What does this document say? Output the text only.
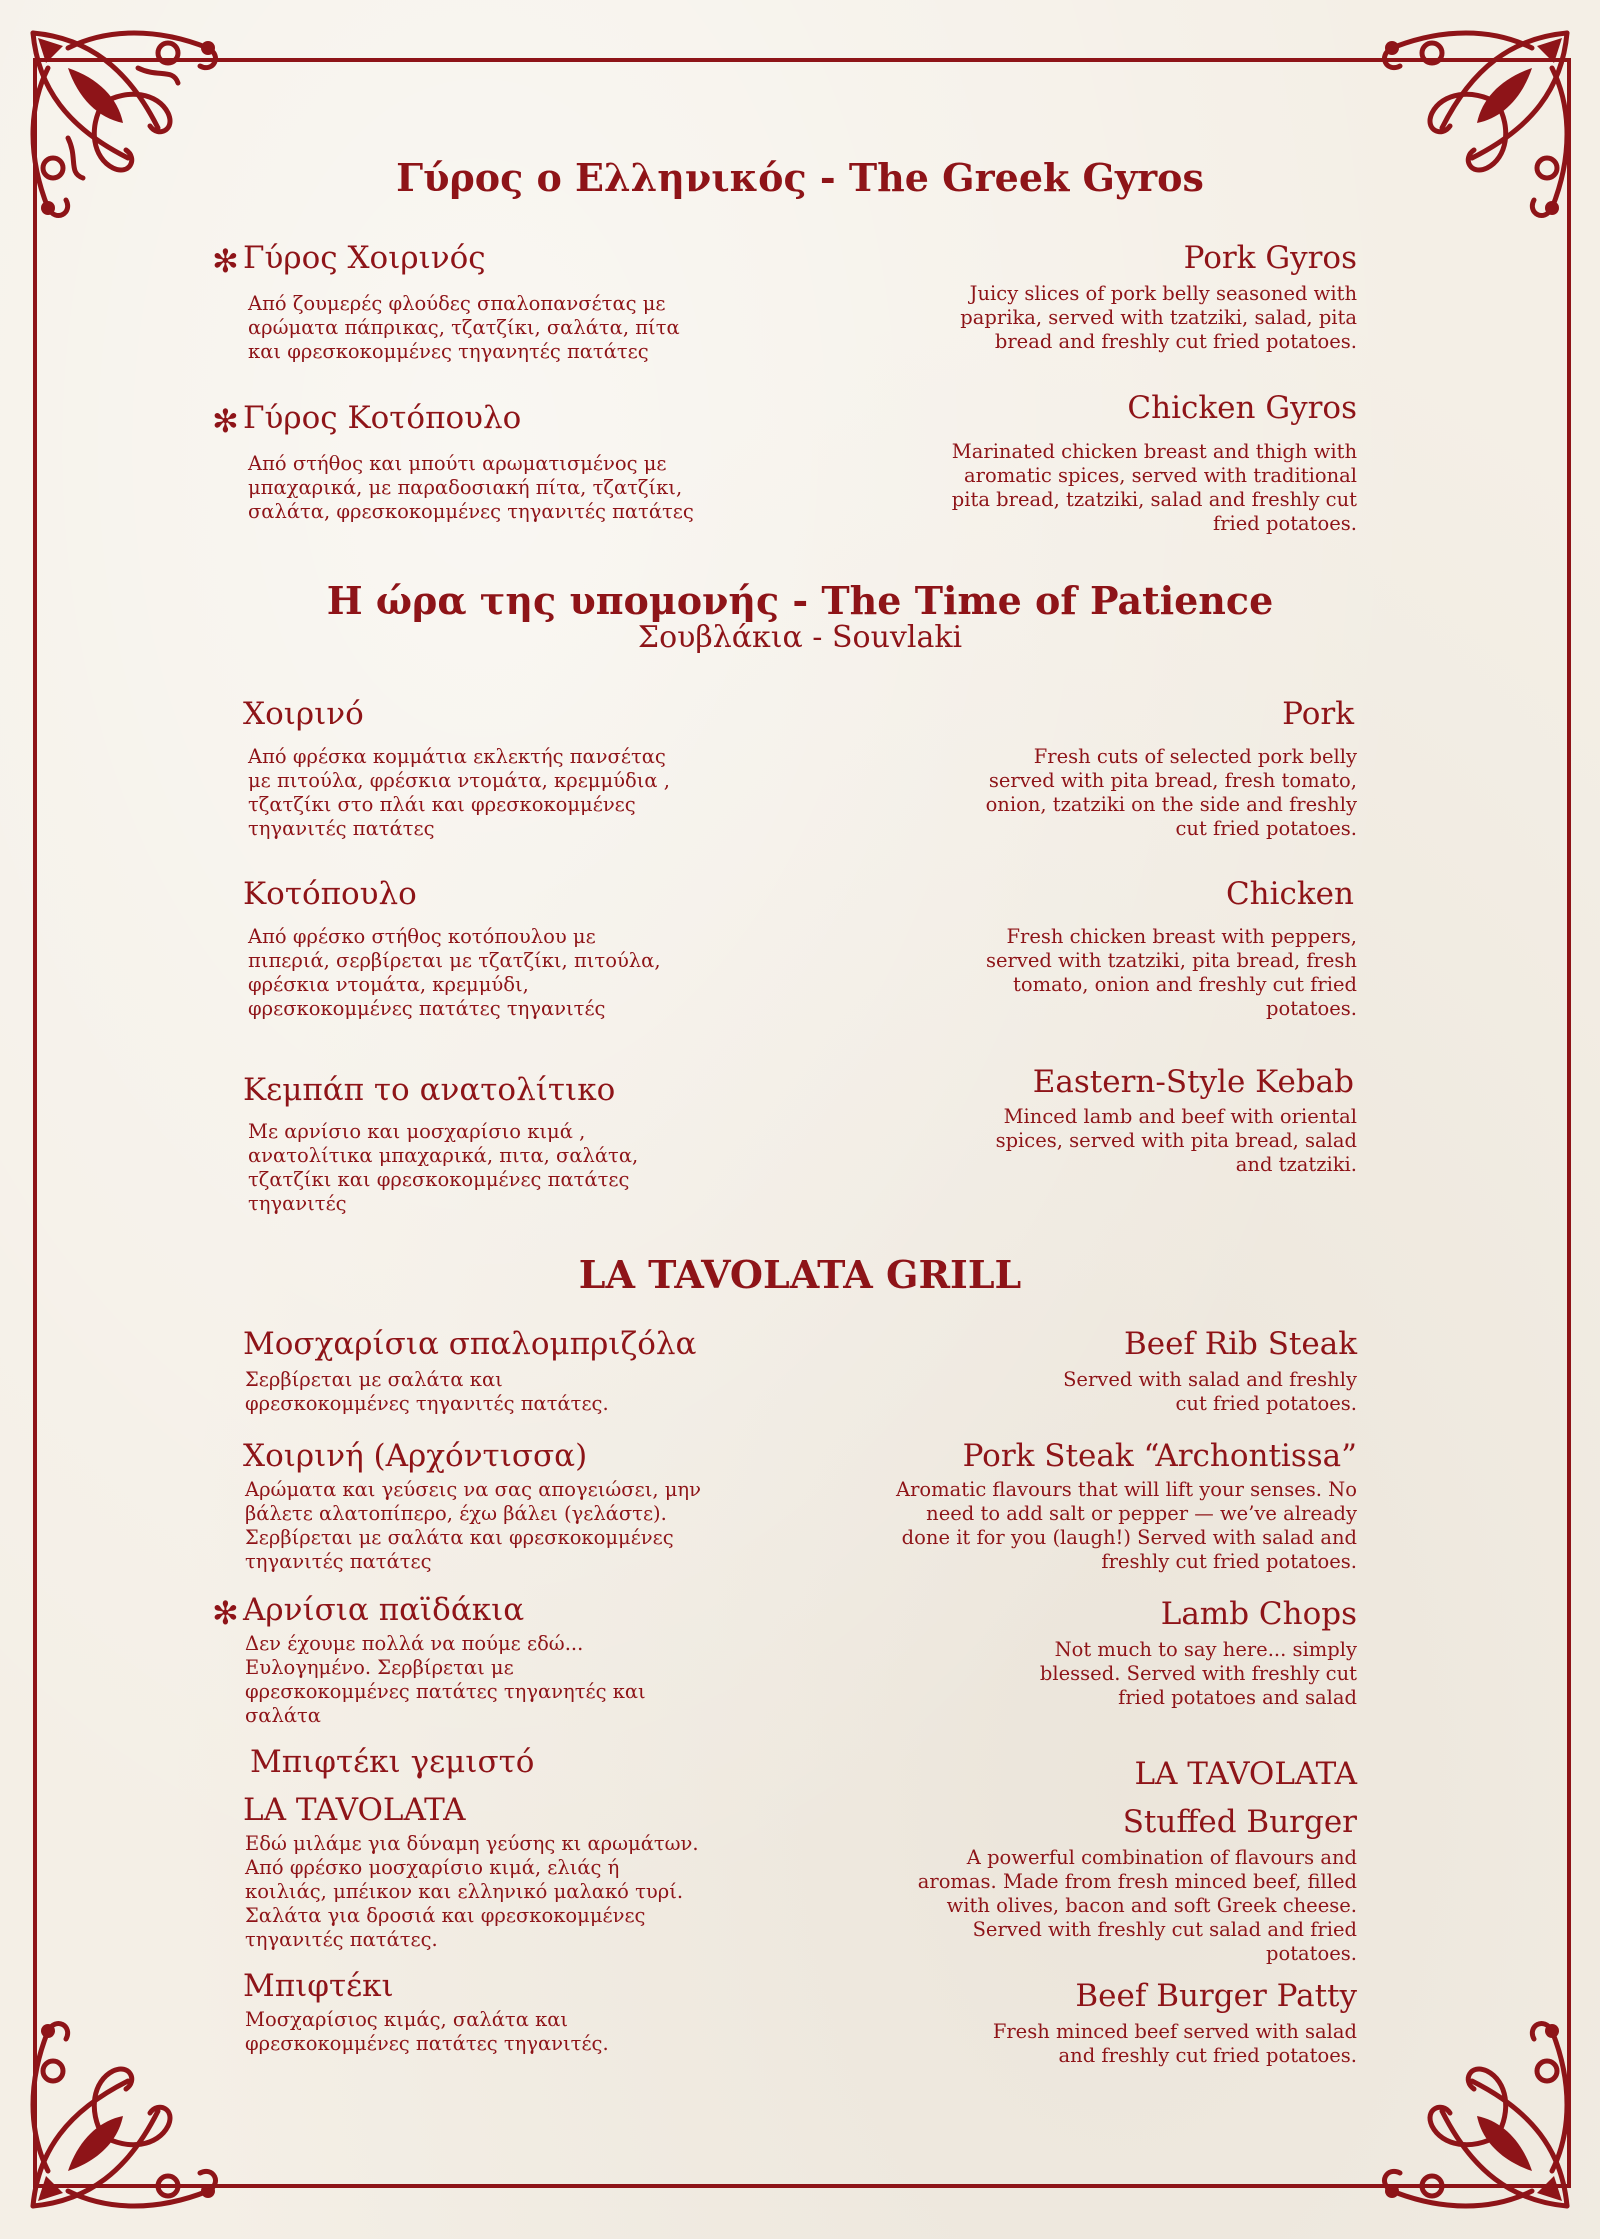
Γύρος ο Ελληνικός - The Greek Gyros
✻ Γύρος Χοιρινός
Από ζουμερές φλούδες σπαλοπανσέτας με αρώματα πάπρικας, τζατζίκι, σαλάτα, πίτα και φρεσκοκομμένες τηγανητές πατάτες
Pork Gyros
Juicy slices of pork belly seasoned with paprika, served with tzatziki, salad, pita bread and freshly cut fried potatoes.
✻ Γύρος Κοτόπουλο
Από στήθος και μπούτι αρωματισμένος με μπαχαρικά, με παραδοσιακή πίτα, τζατζίκι, σαλάτα, φρεσκοκομμένες τηγανιτές πατάτες
Chicken Gyros
Marinated chicken breast and thigh with aromatic spices, served with traditional pita bread, tzatziki, salad and freshly cut fried potatoes.
Η ώρα της υπομονής - The Time of Patience
Σουβλάκια - Souvlaki
Χοιρινό
Από φρέσκα κομμάτια εκλεκτής πανσέτας με πιτούλα, φρέσκια ντομάτα, κρεμμύδια , τζατζίκι στο πλάι και φρεσκοκομμένες τηγανιτές πατάτες
Pork
Fresh cuts of selected pork belly served with pita bread, fresh tomato, onion, tzatziki on the side and freshly cut fried potatoes.
Κοτόπουλο
Από φρέσκο στήθος κοτόπουλου με πιπεριά, σερβίρεται με τζατζίκι, πιτούλα, φρέσκια ντομάτα, κρεμμύδι, φρεσκοκομμένες πατάτες τηγανιτές
Chicken
Fresh chicken breast with peppers, served with tzatziki, pita bread, fresh tomato, onion and freshly cut fried potatoes.
Κεμπάπ το ανατολίτικο
Με αρνίσιο και μοσχαρίσιο κιμά , ανατολίτικα μπαχαρικά, πιτα, σαλάτα, τζατζίκι και φρεσκοκομμένες πατάτες τηγανιτές
Eastern-Style Kebab
Minced lamb and beef with oriental spices, served with pita bread, salad and tzatziki.
LA TAVOLATA GRILL
Μοσχαρίσια σπαλομπριζόλα
Σερβίρεται με σαλάτα και φρεσκοκομμένες τηγανιτές πατάτες.
Beef Rib Steak
Served with salad and freshly cut fried potatoes.
Χοιρινή (Αρχόντισσα)
Αρώματα και γεύσεις να σας απογειώσει, μην βάλετε αλατοπίπερο, έχω βάλει (γελάστε). Σερβίρεται με σαλάτα και φρεσκοκομμένες τηγανιτές πατάτες
Pork Steak “Archontissa”
Aromatic flavours that will lift your senses. No need to add salt or pepper — we’ve already done it for you (laugh!) Served with salad and freshly cut fried potatoes.
✻ Αρνίσια παϊδάκια
Δεν έχουμε πολλά να πούμε εδώ... Ευλογημένο. Σερβίρεται με φρεσκοκομμένες πατάτες τηγανητές και σαλάτα
Lamb Chops
Not much to say here... simply blessed. Served with freshly cut fried potatoes and salad
Μπιφτέκι γεμιστό
LA TAVOLATA
Εδώ μιλάμε για δύναμη γεύσης κι αρωμάτων. Από φρέσκο μοσχαρίσιο κιμά, ελιάς ή κοιλιάς, μπέικον και ελληνικό μαλακό τυρί. Σαλάτα για δροσιά και φρεσκοκομμένες τηγανιτές πατάτες.
LA TAVOLATA
Stuffed Burger
A powerful combination of flavours and aromas. Made from fresh minced beef, filled with olives, bacon and soft Greek cheese. Served with freshly cut salad and fried potatoes.
Μπιφτέκι
Μοσχαρίσιος κιμάς, σαλάτα και φρεσκοκομμένες πατάτες τηγανιτές.
Beef Burger Patty
Fresh minced beef served with salad and freshly cut fried potatoes.
